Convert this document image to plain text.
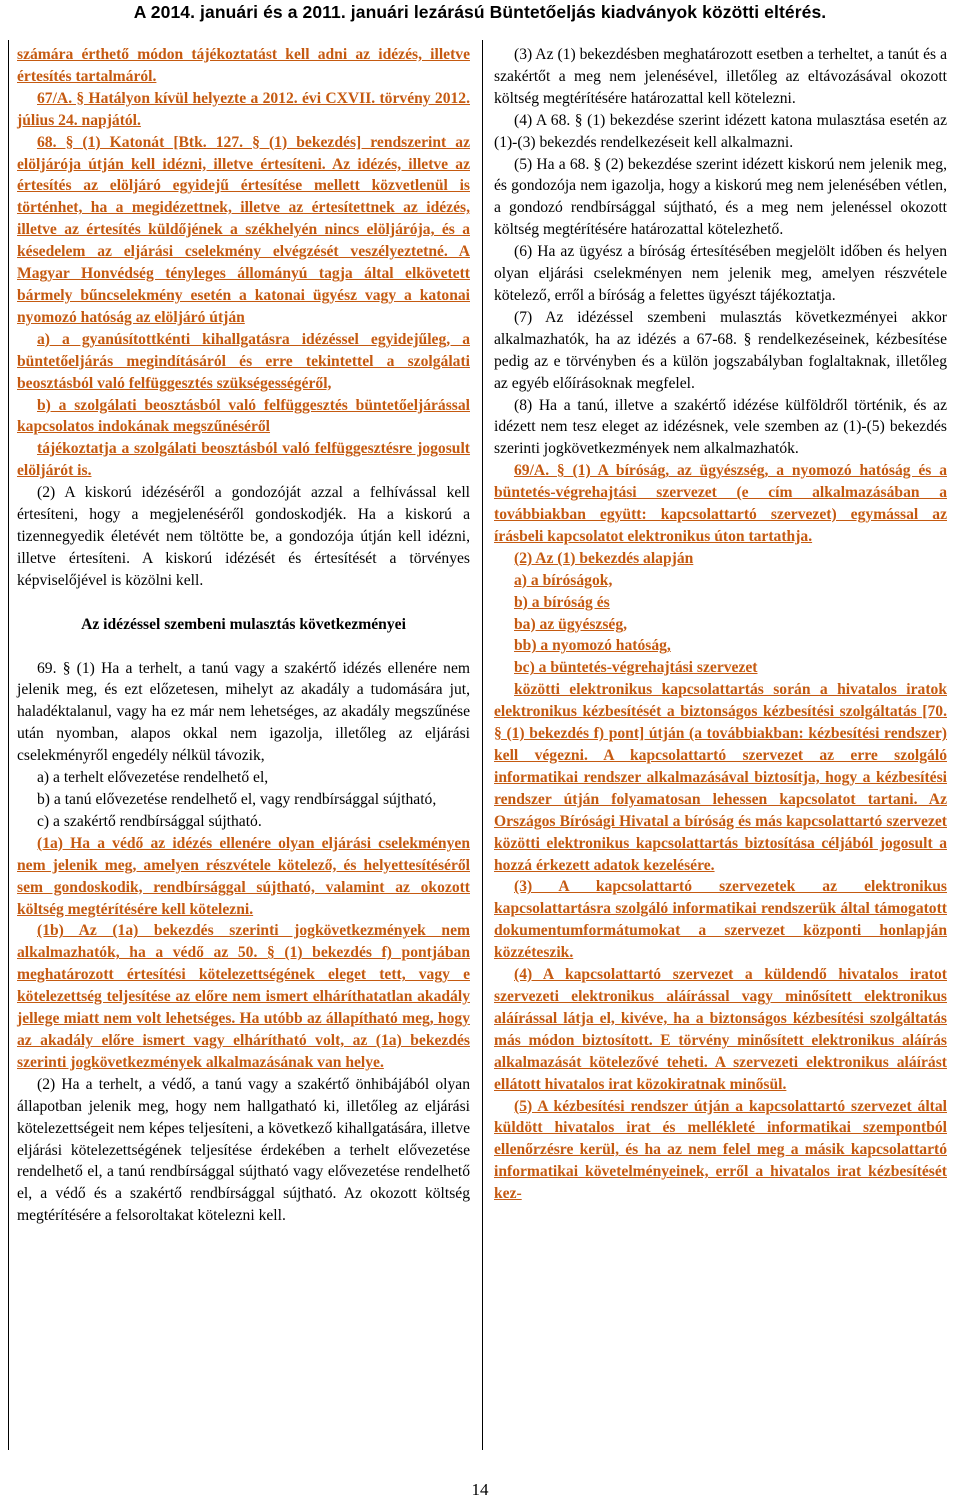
A 2014. januári és a 2011. januári lezárású Büntetőeljás kiadványok közötti eltérés.

számára érthető módon tájékoztatást kell adni az idézés, illetve értesítés tartalmáról.

67/A. § Hatályon kívül helyezte a 2012. évi CXVII. törvény 2012. július 24. napjától.

68. § (1) Katonát [Btk. 127. § (1) bekezdés] rendszerint az elöljárója útján kell idézni, illetve értesíteni. Az idézés, illetve az értesítés az elöljáró egyidejű értesítése mellett közvetlenül is történhet, ha a megidézettnek, illetve az értesítettnek az idézés, illetve az értesítés küldőjének a székhelyén nincs elöljárója, és a késedelem az eljárási cselekmény elvégzését veszélyeztetné. A Magyar Honvédség tényleges állományú tagja által elkövetett bármely bűncselekmény esetén a katonai ügyész vagy a katonai nyomozó hatóság az elöljáró útján

a) a gyanúsítottkénti kihallgatásra idézéssel egyidejűleg, a büntetőeljárás megindításáról és erre tekintettel a szolgálati beosztásból való felfüggesztés szükségességéről,

b) a szolgálati beosztásból való felfüggesztés büntetőeljárással kapcsolatos indokának megszűnéséről

tájékoztatja a szolgálati beosztásból való felfüggesztésre jogosult elöljárót is.

(2) A kiskorú idézéséről a gondozóját azzal a felhívással kell értesíteni, hogy a megjelenéséről gondoskodjék. Ha a kiskorú a tizennegyedik életévét nem töltötte be, a gondozója útján kell idézni, illetve értesíteni. A kiskorú idézését és értesítését a törvényes képviselőjével is közölni kell.

Az idézéssel szembeni mulasztás következményei

69. § (1) Ha a terhelt, a tanú vagy a szakértő idézés ellenére nem jelenik meg, és ezt előzetesen, mihelyt az akadály a tudomására jut, haladéktalanul, vagy ha ez már nem lehetséges, az akadály megszűnése után nyomban, alapos okkal nem igazolja, illetőleg az eljárási cselekményről engedély nélkül távozik,

a) a terhelt elővezetése rendelhető el,

b) a tanú elővezetése rendelhető el, vagy rendbírsággal sújtható,

c) a szakértő rendbírsággal sújtható.

(1a) Ha a védő az idézés ellenére olyan eljárási cselekményen nem jelenik meg, amelyen részvétele kötelező, és helyettesítéséről sem gondoskodik, rendbírsággal sújtható, valamint az okozott költség megtérítésére kell kötelezni.

(1b) Az (1a) bekezdés szerinti jogkövetkezmények nem alkalmazhatók, ha a védő az 50. § (1) bekezdés f) pontjában meghatározott értesítési kötelezettségének eleget tett, vagy e kötelezettség teljesítése az előre nem ismert elháríthatatlan akadály jellege miatt nem volt lehetséges. Ha utóbb az állapítható meg, hogy az akadály előre ismert vagy elhárítható volt, az (1a) bekezdés szerinti jogkövetkezmények alkalmazásának van helye.

(2) Ha a terhelt, a védő, a tanú vagy a szakértő önhibájából olyan állapotban jelenik meg, hogy nem hallgatható ki, illetőleg az eljárási kötelezettségeit nem képes teljesíteni, a következő kihallgatására, illetve eljárási kötelezettségének teljesítése érdekében a terhelt elővezetése rendelhető el, a tanú rendbírsággal sújtható vagy elővezetése rendelhető el, a védő és a szakértő rendbírsággal sújtható. Az okozott költség megtérítésére a felsoroltakat kötelezni kell.

(3) Az (1) bekezdésben meghatározott esetben a terheltet, a tanút és a szakértőt a meg nem jelenésével, illetőleg az eltávozásával okozott költség megtérítésére határozattal kell kötelezni.

(4) A 68. § (1) bekezdése szerint idézett katona mulasztása esetén az (1)-(3) bekezdés rendelkezéseit kell alkalmazni.

(5) Ha a 68. § (2) bekezdése szerint idézett kiskorú nem jelenik meg, és gondozója nem igazolja, hogy a kiskorú meg nem jelenésében vétlen, a gondozó rendbírsággal sújtható, és a meg nem jelenéssel okozott költség megtérítésére határozattal kötelezhető.

(6) Ha az ügyész a bíróság értesítésében megjelölt időben és helyen olyan eljárási cselekményen nem jelenik meg, amelyen részvétele kötelező, erről a bíróság a felettes ügyészt tájékoztatja.

(7) Az idézéssel szembeni mulasztás következményei akkor alkalmazhatók, ha az idézés a 67-68. § rendelkezéseinek, kézbesítése pedig az e törvényben és a külön jogszabályban foglaltaknak, illetőleg az egyéb előírásoknak megfelel.

(8) Ha a tanú, illetve a szakértő idézése külföldről történik, és az idézett nem tesz eleget az idézésnek, vele szemben az (1)-(5) bekezdés szerinti jogkövetkezmények nem alkalmazhatók.

69/A. § (1) A bíróság, az ügyészség, a nyomozó hatóság és a büntetés-végrehajtási szervezet (e cím alkalmazásában a továbbiakban együtt: kapcsolattartó szervezet) egymással az írásbeli kapcsolatot elektronikus úton tartathja.

(2) Az (1) bekezdés alapján

a) a bíróságok,

b) a bíróság és

ba) az ügyészség,

bb) a nyomozó hatóság,

bc) a büntetés-végrehajtási szervezet

közötti elektronikus kapcsolattartás során a hivatalos iratok elektronikus kézbesítését a biztonságos kézbesítési szolgáltatás [70. § (1) bekezdés f) pont] útján (a továbbiakban: kézbesítési rendszer) kell végezni. A kapcsolattartó szervezet az erre szolgáló informatikai rendszer alkalmazásával biztosítja, hogy a kézbesítési rendszer útján folyamatosan lehessen kapcsolatot tartani. Az Országos Bírósági Hivatal a bíróság és más kapcsolattartó szervezet közötti elektronikus kapcsolattartás biztosítása céljából jogosult a hozzá érkezett adatok kezelésére.

(3) A kapcsolattartó szervezetek az elektronikus kapcsolattartásra szolgáló informatikai rendszerük által támogatott dokumentumformátumokat a szervezet központi honlapján közzéteszik.

(4) A kapcsolattartó szervezet a küldendő hivatalos iratot szervezeti elektronikus aláírással vagy minősített elektronikus aláírással látja el, kivéve, ha a biztonságos kézbesítési szolgáltatás más módon biztosított. E törvény minősített elektronikus aláírás alkalmazását kötelezővé teheti. A szervezeti elektronikus aláírást ellátott hivatalos irat közokiratnak minősül.

(5) A kézbesítési rendszer útján a kapcsolattartó szervezet által küldött hivatalos irat és mellékleté informatikai szempontból ellenőrzésre kerül, és ha az nem felel meg a másik kapcsolattartó informatikai követelményeinek, erről a hivatalos irat kézbesítését kez-

14
